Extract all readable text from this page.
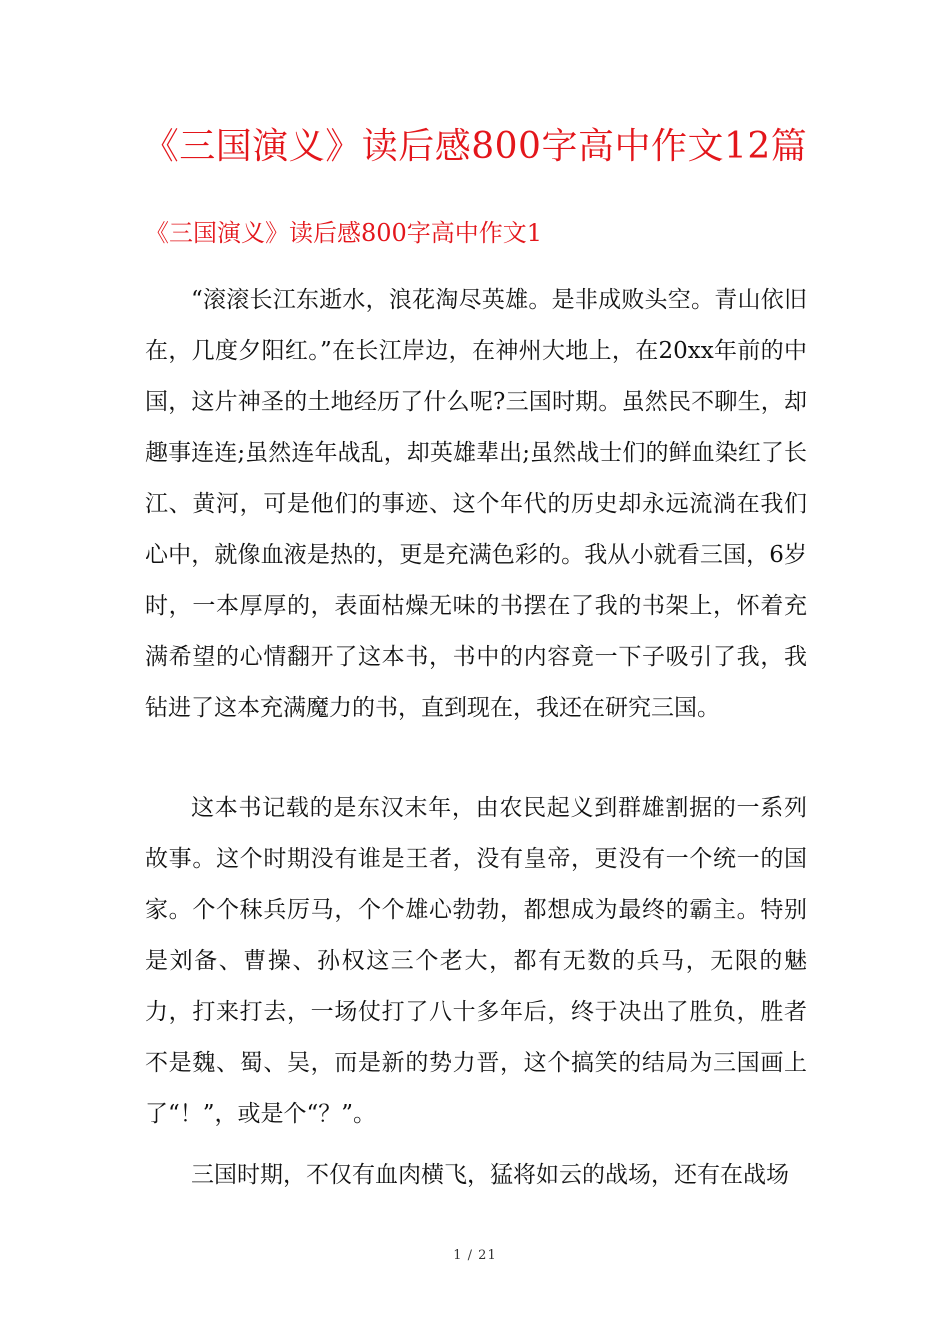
《三国演义》读后感800字高中作文12篇
《三国演义》读后感800字高中作文1

“滚滚长江东逝水，浪花淘尽英雄。是非成败头空。青山依旧在，几度夕阳红。”在长江岸边，在神州大地上，在20xx年前的中国，这片神圣的土地经历了什么呢?三国时期。虽然民不聊生，却趣事连连;虽然连年战乱，却英雄辈出;虽然战士们的鲜血染红了长江、黄河，可是他们的事迹、这个年代的历史却永远流淌在我们心中，就像血液是热的，更是充满色彩的。我从小就看三国，6岁时，一本厚厚的，表面枯燥无味的书摆在了我的书架上，怀着充满希望的心情翻开了这本书，书中的内容竟一下子吸引了我，我钻进了这本充满魔力的书，直到现在，我还在研究三国。

这本书记载的是东汉末年，由农民起义到群雄割据的一系列故事。这个时期没有谁是王者，没有皇帝，更没有一个统一的国家。个个秣兵厉马，个个雄心勃勃，都想成为最终的霸主。特别是刘备、曹操、孙权这三个老大，都有无数的兵马，无限的魅力，打来打去，一场仗打了八十多年后，终于决出了胜负，胜者不是魏、蜀、吴，而是新的势力晋，这个搞笑的结局为三国画上了“！”，或是个“？”。

三国时期，不仅有血肉横飞，猛将如云的战场，还有在战场

1 / 21
